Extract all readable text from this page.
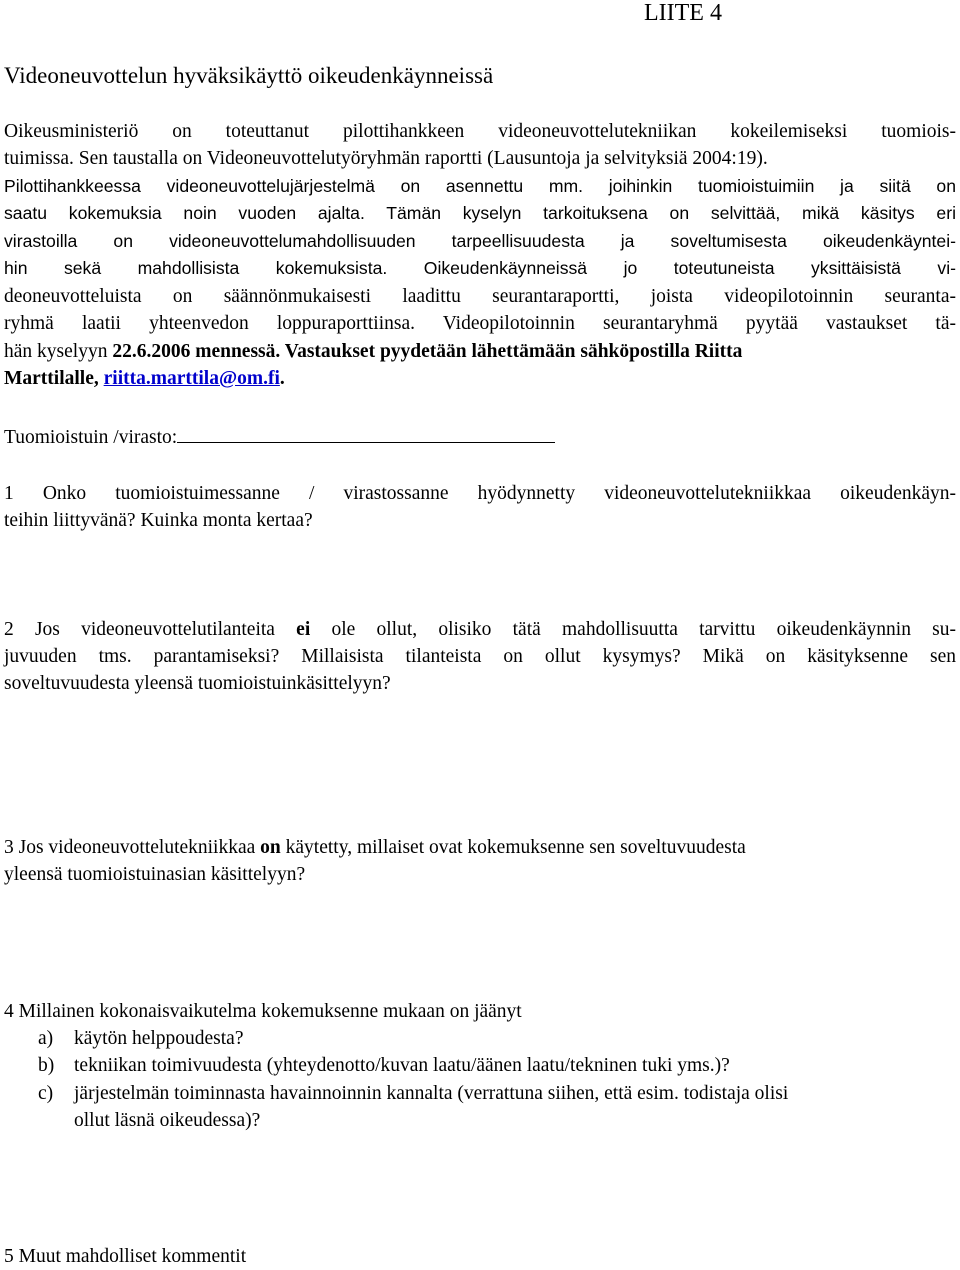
LIITE 4
Videoneuvottelun hyväksikäyttö oikeudenkäynneissä
Oikeusministeriö on toteuttanut pilottihankkeen videoneuvottelutekniikan kokeilemiseksi tuomiois-
tuimissa. Sen taustalla on Videoneuvottelutyöryhmän raportti (Lausuntoja ja selvityksiä 2004:19).
Pilottihankkeessa videoneuvottelujärjestelmä on asennettu mm. joihinkin tuomioistuimiin ja siitä on
saatu kokemuksia noin vuoden ajalta. Tämän kyselyn tarkoituksena on selvittää, mikä käsitys eri
virastoilla on videoneuvottelumahdollisuuden tarpeellisuudesta ja soveltumisesta oikeudenkäyntei-
hin sekä mahdollisista kokemuksista. Oikeudenkäynneissä jo toteutuneista yksittäisistä vi-
deoneuvotteluista on säännönmukaisesti laadittu seurantaraportti, joista videopilotoinnin seuranta-
ryhmä laatii yhteenvedon loppuraporttiinsa. Videopilotoinnin seurantaryhmä pyytää vastaukset tä-
hän kyselyyn 22.6.2006 mennessä. Vastaukset pyydetään lähettämään sähköpostilla Riitta
Marttilalle, riitta.marttila@om.fi.
Tuomioistuin /virasto:
1 Onko tuomioistuimessanne / virastossanne hyödynnetty videoneuvottelutekniikkaa oikeudenkäyn-
teihin liittyvänä? Kuinka monta kertaa?
2 Jos videoneuvottelutilanteita ei ole ollut, olisiko tätä mahdollisuutta tarvittu oikeudenkäynnin su-
juvuuden tms. parantamiseksi? Millaisista tilanteista on ollut kysymys? Mikä on käsityksenne sen
soveltuvuudesta yleensä tuomioistuinkäsittelyyn?
3 Jos videoneuvottelutekniikkaa on käytetty, millaiset ovat kokemuksenne sen soveltuvuudesta
yleensä tuomioistuinasian käsittelyyn?
4 Millainen kokonaisvaikutelma kokemuksenne mukaan on jäänyt
a) käytön helppoudesta?
b) tekniikan toimivuudesta (yhteydenotto/kuvan laatu/äänen laatu/tekninen tuki yms.)?
c) järjestelmän toiminnasta havainnoinnin kannalta (verrattuna siihen, että esim. todistaja olisi
ollut läsnä oikeudessa)?
5 Muut mahdolliset kommentit
